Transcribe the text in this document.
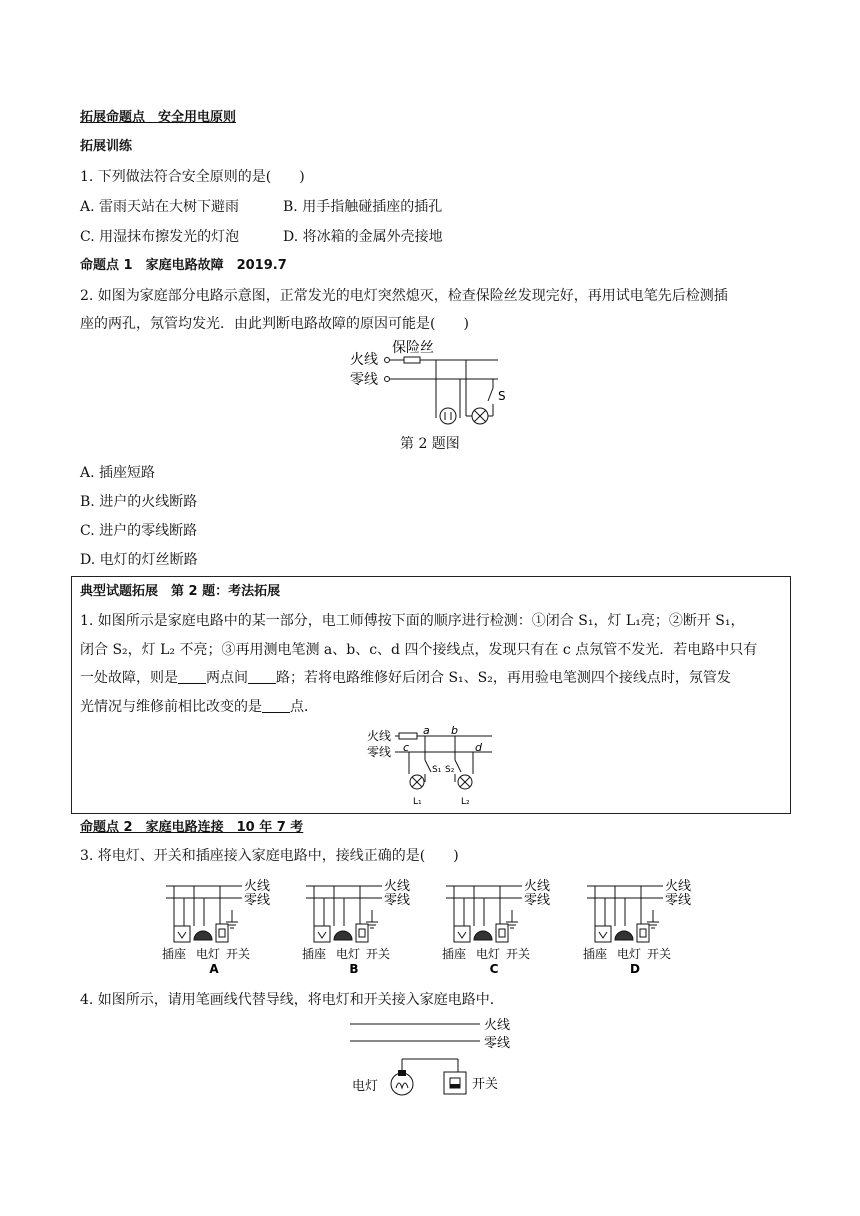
拓展命题点　安全用电原则
拓展训练
1. 下列做法符合安全原则的是(　　)
A. 雷雨天站在大树下避雨	B. 用手指触碰插座的插孔
C. 用湿抹布擦发光的灯泡	D. 将冰箱的金属外壳接地
命题点 1　家庭电路故障　2019.7
2. 如图为家庭部分电路示意图，正常发光的电灯突然熄灭，检查保险丝发现完好，再用试电笔先后检测插
座的两孔，氖管均发光．由此判断电路故障的原因可能是(　　)
火线
零线
保险丝
S
第 2 题图
A. 插座短路
B. 进户的火线断路
C. 进户的零线断路
D. 电灯的灯丝断路
典型试题拓展　第 2 题：考法拓展
1. 如图所示是家庭电路中的某一部分，电工师傅按下面的顺序进行检测：①闭合 S₁，灯 L₁亮；②断开 S₁，
闭合 S₂，灯 L₂ 不亮；③再用测电笔测 a、b、c、d 四个接线点，发现只有在 c 点氖管不发光．若电路中只有
一处故障，则是 两点间 路；若将电路维修好后闭合 S₁、S₂，再用验电笔测四个接线点时，氖管发
光情况与维修前相比改变的是 点．
火线
零线
a b
c	d
S₁ S₂
L₁	L₂
命题点 2　家庭电路连接　10 年 7 考
3. 将电灯、开关和插座接入家庭电路中，接线正确的是(　　)
火线
零线
插座 电灯 开关
A
火线
零线
插座 电灯 开关
B
火线
零线
插座 电灯 开关
C
火线
零线
插座 电灯 开关
D
4. 如图所示，请用笔画线代替导线，将电灯和开关接入家庭电路中．
火线
零线
电灯	开关
